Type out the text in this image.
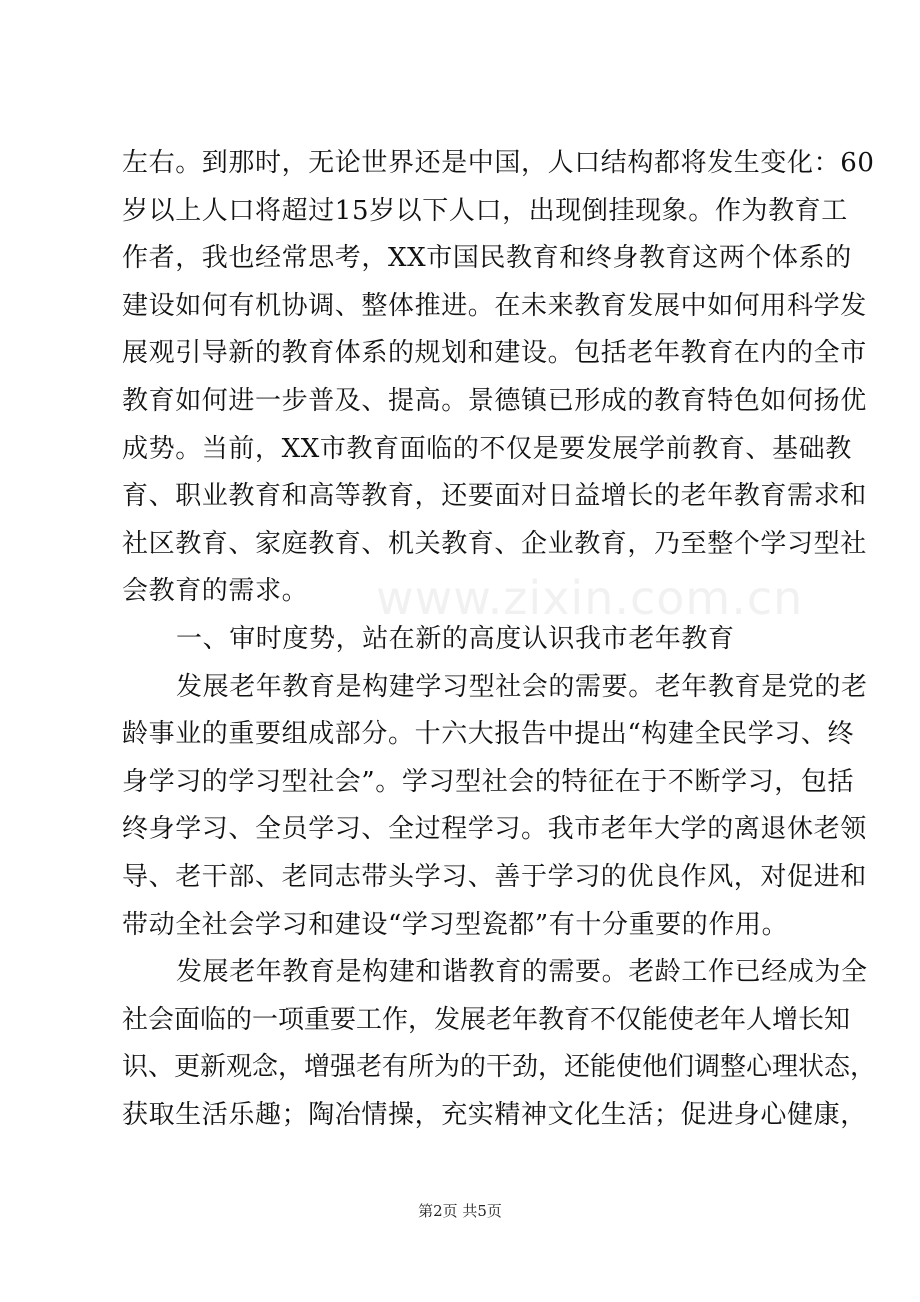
左右。到那时，无论世界还是中国，人口结构都将发生变化：60
岁以上人口将超过15岁以下人口，出现倒挂现象。作为教育工
作者，我也经常思考，XX市国民教育和终身教育这两个体系的
建设如何有机协调、整体推进。在未来教育发展中如何用科学发
展观引导新的教育体系的规划和建设。包括老年教育在内的全市
教育如何进一步普及、提高。景德镇已形成的教育特色如何扬优
成势。当前，XX市教育面临的不仅是要发展学前教育、基础教
育、职业教育和高等教育，还要面对日益增长的老年教育需求和
社区教育、家庭教育、机关教育、企业教育，乃至整个学习型社
会教育的需求。
一、审时度势，站在新的高度认识我市老年教育
发展老年教育是构建学习型社会的需要。老年教育是党的老
龄事业的重要组成部分。十六大报告中提出“构建全民学习、终
身学习的学习型社会”。学习型社会的特征在于不断学习，包括
终身学习、全员学习、全过程学习。我市老年大学的离退休老领
导、老干部、老同志带头学习、善于学习的优良作风，对促进和
带动全社会学习和建设“学习型瓷都”有十分重要的作用。
发展老年教育是构建和谐教育的需要。老龄工作已经成为全
社会面临的一项重要工作，发展老年教育不仅能使老年人增长知
识、更新观念，增强老有所为的干劲，还能使他们调整心理状态，
获取生活乐趣；陶冶情操，充实精神文化生活；促进身心健康，
www.zixin.com.cn
第2页 共5页
